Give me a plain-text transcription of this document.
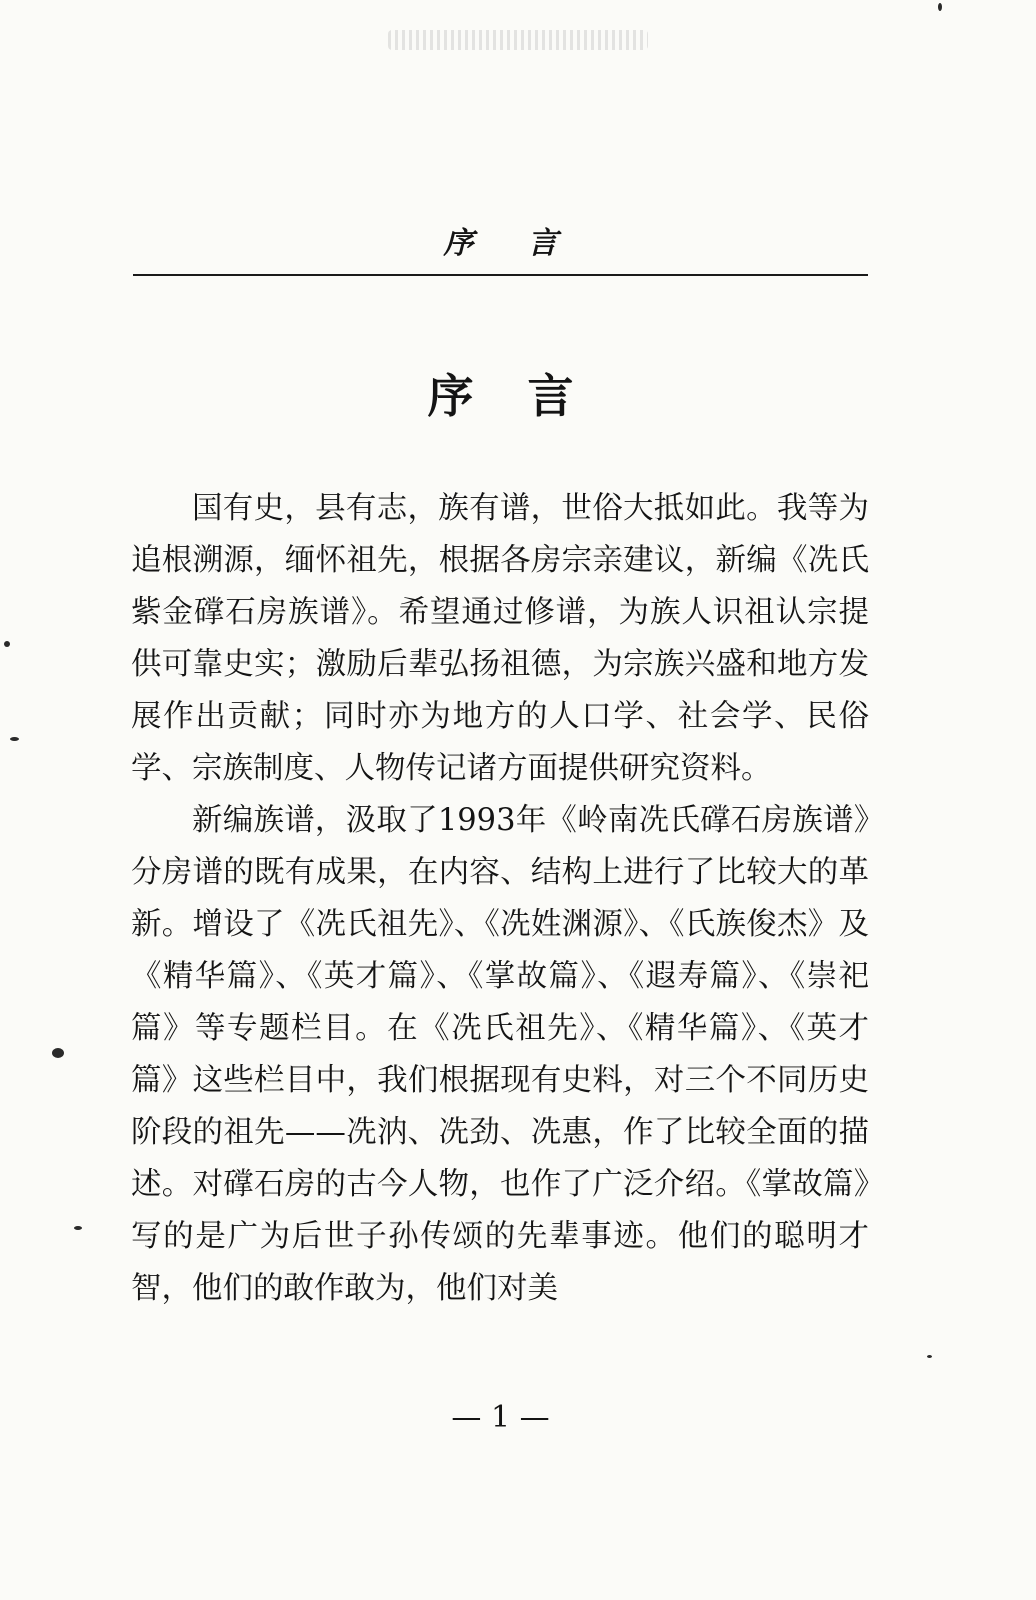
序言
序言

国有史，县有志，族有谱，世俗大抵如此。我等为追根溯源，缅怀祖先，根据各房宗亲建议，新编《冼氏紫金礃石房族谱》。希望通过修谱，为族人识祖认宗提供可靠史实；激励后辈弘扬祖德，为宗族兴盛和地方发展作出贡献；同时亦为地方的人口学、社会学、民俗学、宗族制度、人物传记诸方面提供研究资料。

新编族谱，汲取了1993年《岭南冼氏礃石房族谱》分房谱的既有成果，在内容、结构上进行了比较大的革新。增设了《冼氏祖先》、《冼姓渊源》、《氏族俊杰》及《精华篇》、《英才篇》、《掌故篇》、《遐寿篇》、《崇祀篇》等专题栏目。在《冼氏祖先》、《精华篇》、《英才篇》这些栏目中，我们根据现有史料，对三个不同历史阶段的祖先——冼汭、冼劲、冼惠，作了比较全面的描述。对礃石房的古今人物，也作了广泛介绍。《掌故篇》写的是广为后世子孙传颂的先辈事迹。他们的聪明才智，他们的敢作敢为，他们对美

— 1 —
